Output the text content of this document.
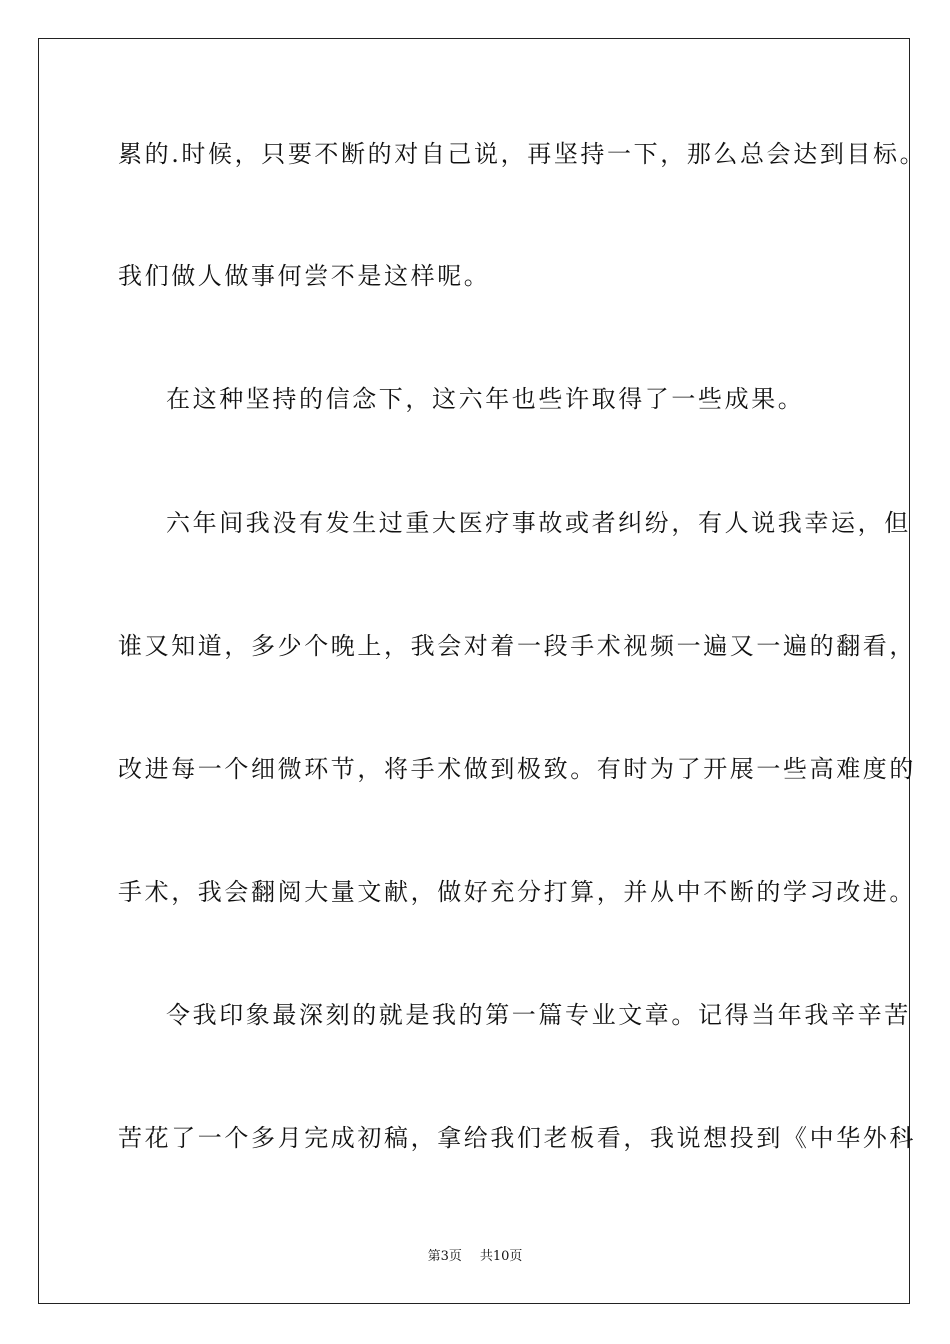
累的.时候，只要不断的对自己说，再坚持一下，那么总会达到目标。
我们做人做事何尝不是这样呢。
在这种坚持的信念下，这六年也些许取得了一些成果。
六年间我没有发生过重大医疗事故或者纠纷，有人说我幸运，但
谁又知道，多少个晚上，我会对着一段手术视频一遍又一遍的翻看，
改进每一个细微环节，将手术做到极致。有时为了开展一些高难度的
手术，我会翻阅大量文献，做好充分打算，并从中不断的学习改进。
令我印象最深刻的就是我的第一篇专业文章。记得当年我辛辛苦
苦花了一个多月完成初稿，拿给我们老板看，我说想投到《中华外科
第3页 共10页
